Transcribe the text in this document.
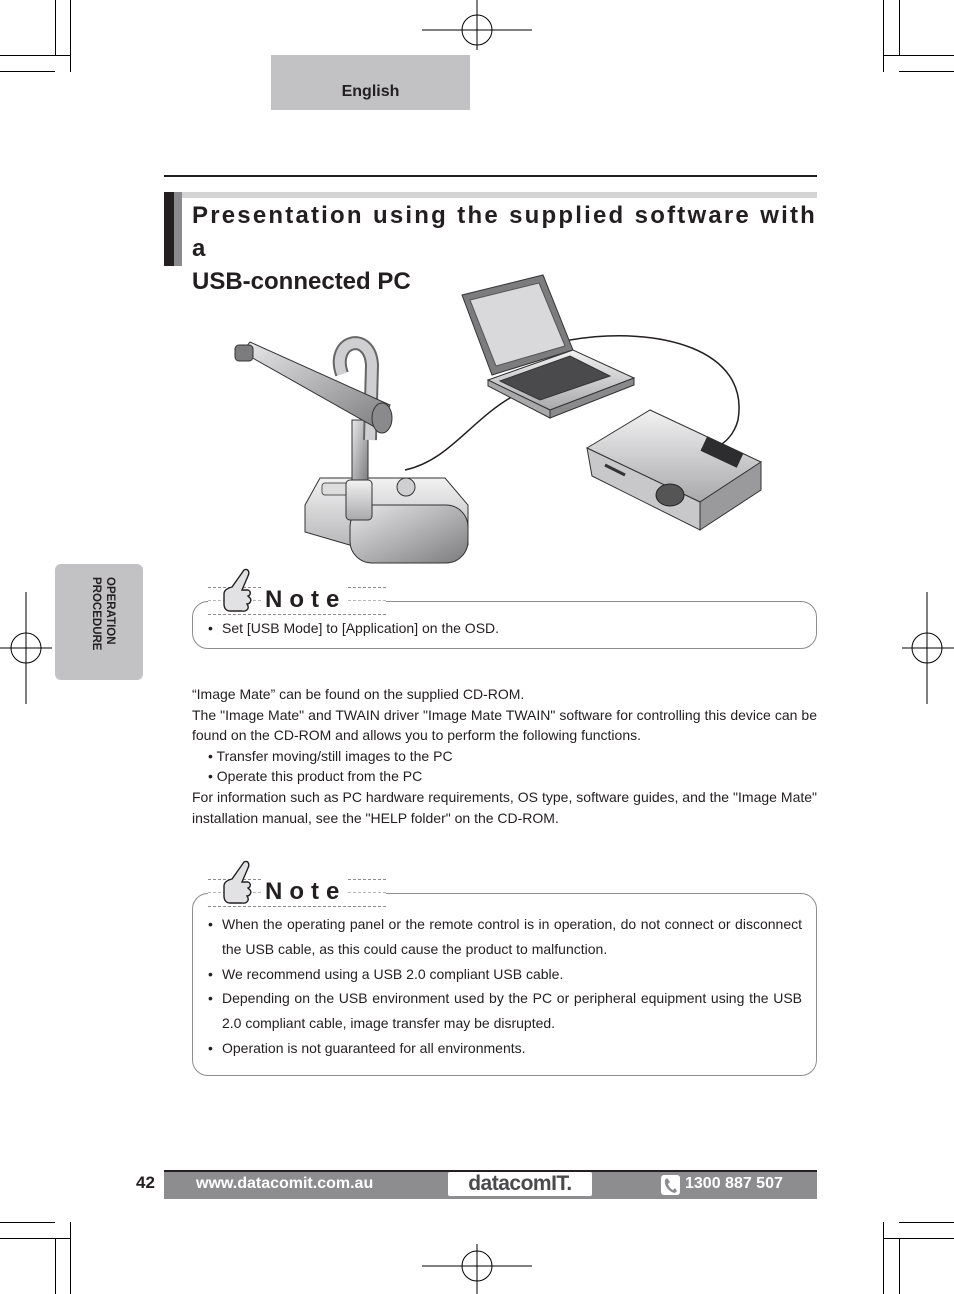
English
Presentation using the supplied software with a
USB-connected PC
OPERATION
PROCEDURE	Note
• Set [USB Mode] to [Application] on the OSD.

“Image Mate” can be found on the supplied CD-ROM.

The "Image Mate" and TWAIN driver "Image Mate TWAIN" software for controlling this device can be found on the CD-ROM and allows you to perform the following functions.

• Transfer moving/still images to the PC

• Operate this product from the PC

For information such as PC hardware requirements, OS type, software guides, and the "Image Mate" installation manual, see the "HELP folder" on the CD-ROM.

Note
• When the operating panel or the remote control is in operation, do not connect or disconnect the USB cable, as this could cause the product to malfunction.
• We recommend using a USB 2.0 compliant USB cable.
• Depending on the USB environment used by the PC or peripheral equipment using the USB 2.0 compliant cable, image transfer may be disrupted.
• Operation is not guaranteed for all environments.
42	www.datacomit.com.au	datacomIT.	1300 887 507
